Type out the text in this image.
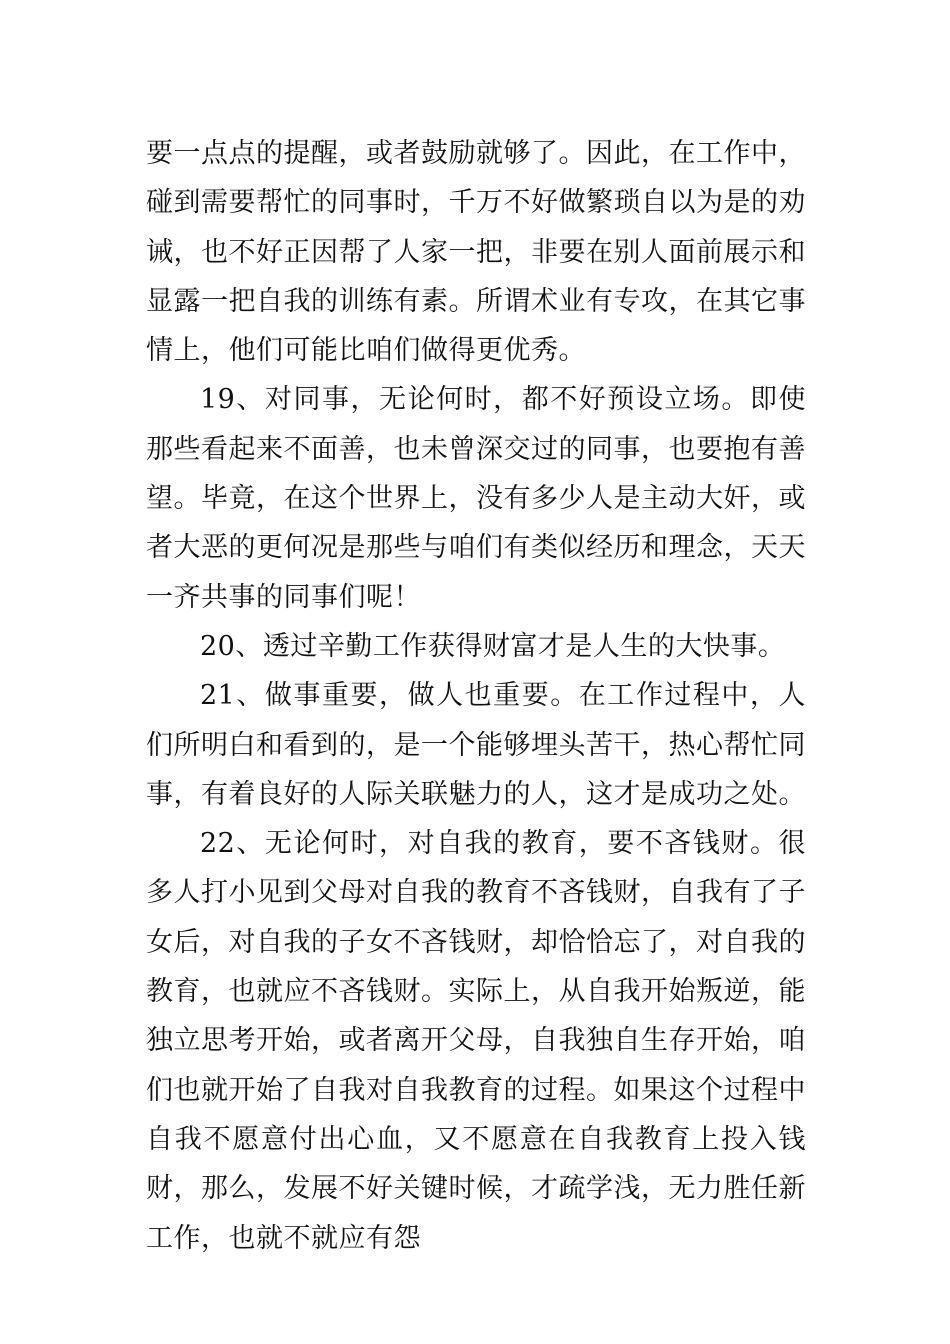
要一点点的提醒，或者鼓励就够了。因此，在工作中，碰到需要帮忙的同事时，千万不好做繁琐自以为是的劝诫，也不好正因帮了人家一把，非要在别人面前展示和显露一把自我的训练有素。所谓术业有专攻，在其它事情上，他们可能比咱们做得更优秀。

19、对同事，无论何时，都不好预设立场。即使那些看起来不面善，也未曾深交过的同事，也要抱有善望。毕竟，在这个世界上，没有多少人是主动大奸，或者大恶的更何况是那些与咱们有类似经历和理念，天天一齐共事的同事们呢！

20、透过辛勤工作获得财富才是人生的大快事。

21、做事重要，做人也重要。在工作过程中，人们所明白和看到的，是一个能够埋头苦干，热心帮忙同事，有着良好的人际关联魅力的人，这才是成功之处。

22、无论何时，对自我的教育，要不吝钱财。很多人打小见到父母对自我的教育不吝钱财，自我有了子女后，对自我的子女不吝钱财，却恰恰忘了，对自我的教育，也就应不吝钱财。实际上，从自我开始叛逆，能独立思考开始，或者离开父母，自我独自生存开始，咱们也就开始了自我对自我教育的过程。如果这个过程中自我不愿意付出心血，又不愿意在自我教育上投入钱财，那么，发展不好关键时候，才疏学浅，无力胜任新工作，也就不就应有怨
